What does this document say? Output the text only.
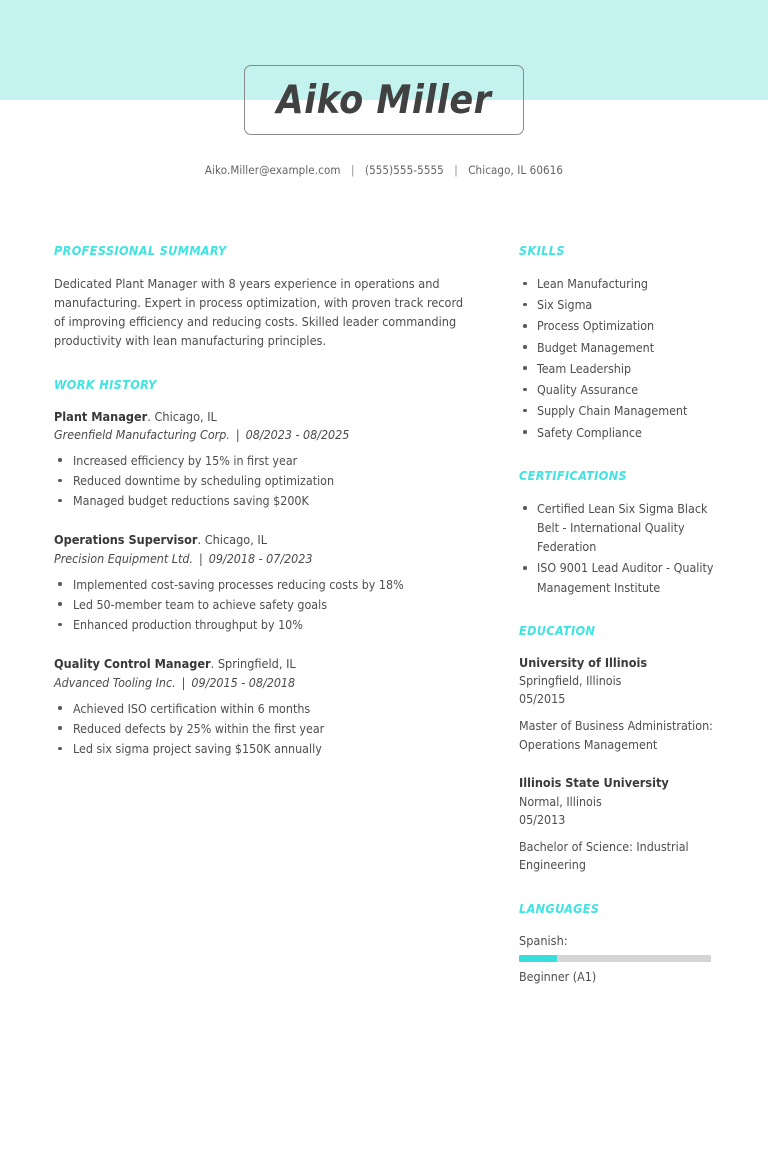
Aiko Miller
Aiko.Miller@example.com | (555)555-5555 | Chicago, IL 60616
PROFESSIONAL SUMMARY

Dedicated Plant Manager with 8 years experience in operations and manufacturing. Expert in process optimization, with proven track record of improving efficiency and reducing costs. Skilled leader commanding productivity with lean manufacturing principles.

WORK HISTORY
Plant Manager. Chicago, IL
Greenfield Manufacturing Corp. | 08/2023 - 08/2025
Increased efficiency by 15% in first year
Reduced downtime by scheduling optimization
Managed budget reductions saving $200K
Operations Supervisor. Chicago, IL
Precision Equipment Ltd. | 09/2018 - 07/2023
Implemented cost-saving processes reducing costs by 18%
Led 50-member team to achieve safety goals
Enhanced production throughput by 10%
Quality Control Manager. Springfield, IL
Advanced Tooling Inc. | 09/2015 - 08/2018
Achieved ISO certification within 6 months
Reduced defects by 25% within the first year
Led six sigma project saving $150K annually
SKILLS
Lean Manufacturing
Six Sigma
Process Optimization
Budget Management
Team Leadership
Quality Assurance
Supply Chain Management
Safety Compliance
CERTIFICATIONS
Certified Lean Six Sigma Black Belt - International Quality Federation
ISO 9001 Lead Auditor - Quality Management Institute
EDUCATION
University of Illinois
Springfield, Illinois
05/2015
Master of Business Administration: Operations Management
Illinois State University
Normal, Illinois
05/2013
Bachelor of Science: Industrial Engineering
LANGUAGES
Spanish:
Beginner (A1)
